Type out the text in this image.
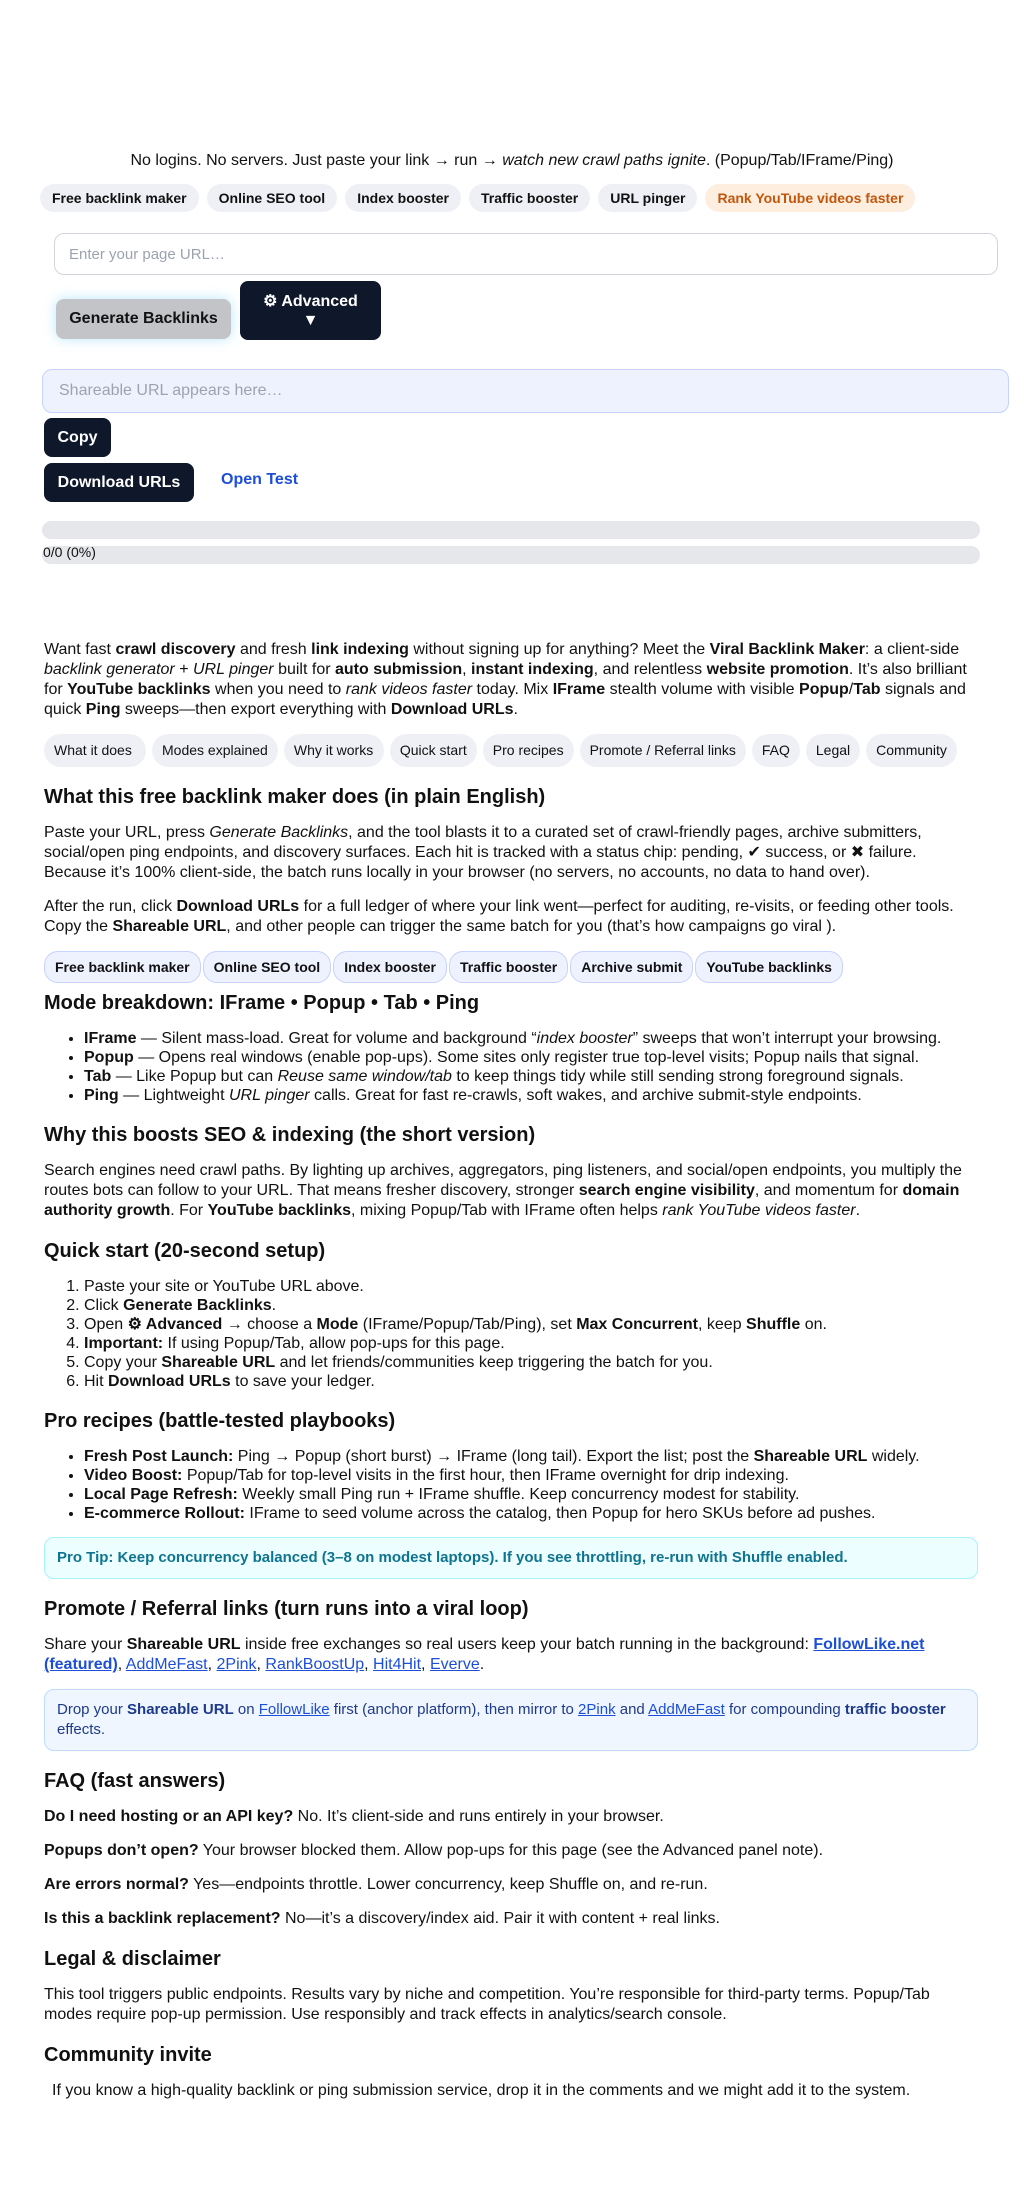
No logins. No servers. Just paste your link → run → watch new crawl paths ignite. (Popup/Tab/IFrame/Ping)
Free backlink maker	Online SEO tool	Index booster	Traffic booster	URL pinger	Rank YouTube videos faster
Enter your page URL…
Generate Backlinks
⚙ Advanced
▼
Shareable URL appears here…
Copy
Download URLs	Open Test
0/0 (0%)

Want fast crawl discovery and fresh link indexing without signing up for anything? Meet the Viral Backlink Maker: a client-side backlink generator + URL pinger built for auto submission, instant indexing, and relentless website promotion. It’s also brilliant for YouTube backlinks when you need to rank videos faster today. Mix IFrame stealth volume with visible Popup/Tab signals and quick Ping sweeps—then export everything with Download URLs.

What it does	Modes explained	Why it works	Quick start	Pro recipes	Promote / Referral links	FAQ	Legal	Community
What this free backlink maker does (in plain English)

Paste your URL, press Generate Backlinks, and the tool blasts it to a curated set of crawl-friendly pages, archive submitters, social/open ping endpoints, and discovery surfaces. Each hit is tracked with a status chip: pending, ✔ success, or ✖ failure. Because it’s 100% client-side, the batch runs locally in your browser (no servers, no accounts, no data to hand over).

After the run, click Download URLs for a full ledger of where your link went—perfect for auditing, re-visits, or feeding other tools. Copy the Shareable URL, and other people can trigger the same batch for you (that’s how campaigns go viral ).

Free backlink maker	Online SEO tool	Index booster	Traffic booster	Archive submit	YouTube backlinks
Mode breakdown: IFrame • Popup • Tab • Ping
• IFrame — Silent mass-load. Great for volume and background “index booster” sweeps that won’t interrupt your browsing.
• Popup — Opens real windows (enable pop-ups). Some sites only register true top-level visits; Popup nails that signal.
• Tab — Like Popup but can Reuse same window/tab to keep things tidy while still sending strong foreground signals.
• Ping — Lightweight URL pinger calls. Great for fast re-crawls, soft wakes, and archive submit-style endpoints.
Why this boosts SEO & indexing (the short version)

Search engines need crawl paths. By lighting up archives, aggregators, ping listeners, and social/open endpoints, you multiply the routes bots can follow to your URL. That means fresher discovery, stronger search engine visibility, and momentum for domain authority growth. For YouTube backlinks, mixing Popup/Tab with IFrame often helps rank YouTube videos faster.

Quick start (20-second setup)
1. Paste your site or YouTube URL above.
2. Click Generate Backlinks.
3. Open ⚙ Advanced → choose a Mode (IFrame/Popup/Tab/Ping), set Max Concurrent, keep Shuffle on.
4. Important: If using Popup/Tab, allow pop-ups for this page.
5. Copy your Shareable URL and let friends/communities keep triggering the batch for you.
6. Hit Download URLs to save your ledger.
Pro recipes (battle-tested playbooks)
• Fresh Post Launch: Ping → Popup (short burst) → IFrame (long tail). Export the list; post the Shareable URL widely.
• Video Boost: Popup/Tab for top-level visits in the first hour, then IFrame overnight for drip indexing.
• Local Page Refresh: Weekly small Ping run + IFrame shuffle. Keep concurrency modest for stability.
• E-commerce Rollout: IFrame to seed volume across the catalog, then Popup for hero SKUs before ad pushes.
Pro Tip: Keep concurrency balanced (3–8 on modest laptops). If you see throttling, re-run with Shuffle enabled.
Promote / Referral links (turn runs into a viral loop)

Share your Shareable URL inside free exchanges so real users keep your batch running in the background: FollowLike.net (featured), AddMeFast, 2Pink, RankBoostUp, Hit4Hit, Everve.

Drop your Shareable URL on FollowLike first (anchor platform), then mirror to 2Pink and AddMeFast for compounding traffic booster effects.
FAQ (fast answers)

Do I need hosting or an API key? No. It’s client-side and runs entirely in your browser.

Popups don’t open? Your browser blocked them. Allow pop-ups for this page (see the Advanced panel note).

Are errors normal? Yes—endpoints throttle. Lower concurrency, keep Shuffle on, and re-run.

Is this a backlink replacement? No—it’s a discovery/index aid. Pair it with content + real links.

Legal & disclaimer

This tool triggers public endpoints. Results vary by niche and competition. You’re responsible for third-party terms. Popup/Tab modes require pop-up permission. Use responsibly and track effects in analytics/search console.

Community invite

If you know a high-quality backlink or ping submission service, drop it in the comments and we might add it to the system.
